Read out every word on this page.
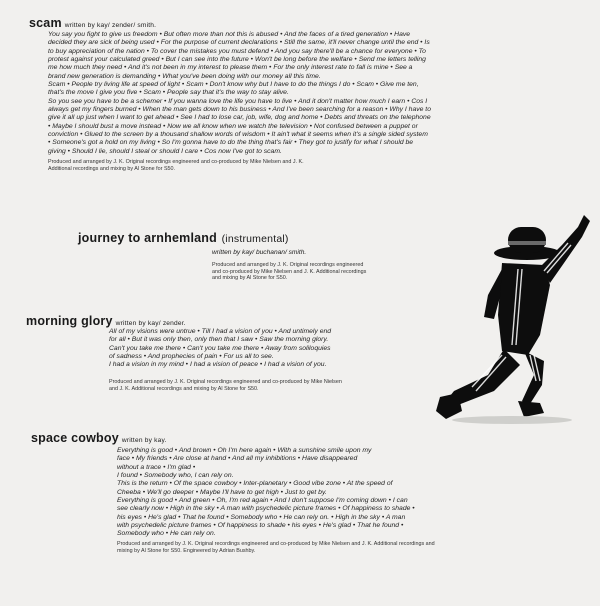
scam written by kay/ zender/ smith.
You say you fight to give us freedom • But often more than not this is abused • And the faces of a tired generation • Have
decided they are sick of being used • For the purpose of current declarations • Still the same, it'll never change until the end • Is
to buy appreciation of the nation • To cover the mistakes you must defend • And you say there'll be a chance for everyone • To
protest against your calculated greed • But I can see into the future • Won't be long before the welfare • Send me letters telling
me how much they need • And it's not been in my interest to please them • For the only interest rate to fall is mine • See a
brand new generation is demanding • What you've been doing with our money all this time.
Scam • People try living life at speed of light • Scam • Don't know why but I have to do the things I do • Scam • Give me ten,
that's the move I give you five • Scam • People say that it's the way to stay alive.
So you see you have to be a schemer • If you wanna love the life you have to live • And it don't matter how much I earn • Cos I
always get my fingers burned • When the man gets down to his business • And I've been searching for a reason • Why I have to
give it all up just when I want to get ahead • See I had to lose car, job, wife, dog and home • Debts and threats on the telephone
• Maybe I should bust a move instead • Now we all know when we watch the television • Not confused between a puppet or
conviction • Glued to the screen by a thousand shallow words of wisdom • It ain't what it seems when it's a single sided system
• Someone's got a hold on my living • So I'm gonna have to do the thing that's fair • They got to justify for what I should be
giving • Should I lie, should I steal or should I care • Cos now I've got to scam.
Produced and arranged by J. K. Original recordings engineered and co-produced by Mike Nielsen and J. K.
Additional recordings and mixing by Al Stone for S50.
journey to arnhemland (instrumental)
written by kay/ buchanan/ smith.
Produced and arranged by J. K. Original recordings engineered
and co-produced by Mike Nielsen and J. K. Additional recordings
and mixing by Al Stone for S50.
morning glory written by kay/ zender.
All of my visions were untrue • Till I had a vision of you • And untimely end
for all • But it was only then, only then that I saw • Saw the morning glory.
Can't you take me there • Can't you take me there • Away from soliloquies
of sadness • And prophecies of pain • For us all to see.
I had a vision in my mind • I had a vision of peace • I had a vision of you.
Produced and arranged by J. K. Original recordings engineered and co-produced by Mike Nielsen
and J. K. Additional recordings and mixing by Al Stone for S50.
space cowboy written by kay.
Everything is good • And brown • Oh I'm here again • With a sunshine smile upon my
face • My friends • Are close at hand • And all my inhibitions • Have disappeared
without a trace • I'm glad •
I found • Somebody who, I can rely on.
This is the return • Of the space cowboy • Inter-planetary • Good vibe zone • At the speed of
Cheeba • We'll go deeper • Maybe I'll have to get high • Just to get by.
Everything is good • And green • Oh, I'm red again • And I don't suppose I'm coming down • I can
see clearly now • High in the sky • A man with psychedelic picture frames • Of happiness to shade •
his eyes • He's glad • That he found • Somebody who • He can rely on. • High in the sky • A man
with psychedelic picture frames • Of happiness to shade • his eyes • He's glad • That he found •
Somebody who • He can rely on.
Produced and arranged by J. K. Original recordings engineered and co-produced by Mike Nielsen and J. K. Additional recordings and
mixing by Al Stone for S50. Engineered by Adrian Bushby.
